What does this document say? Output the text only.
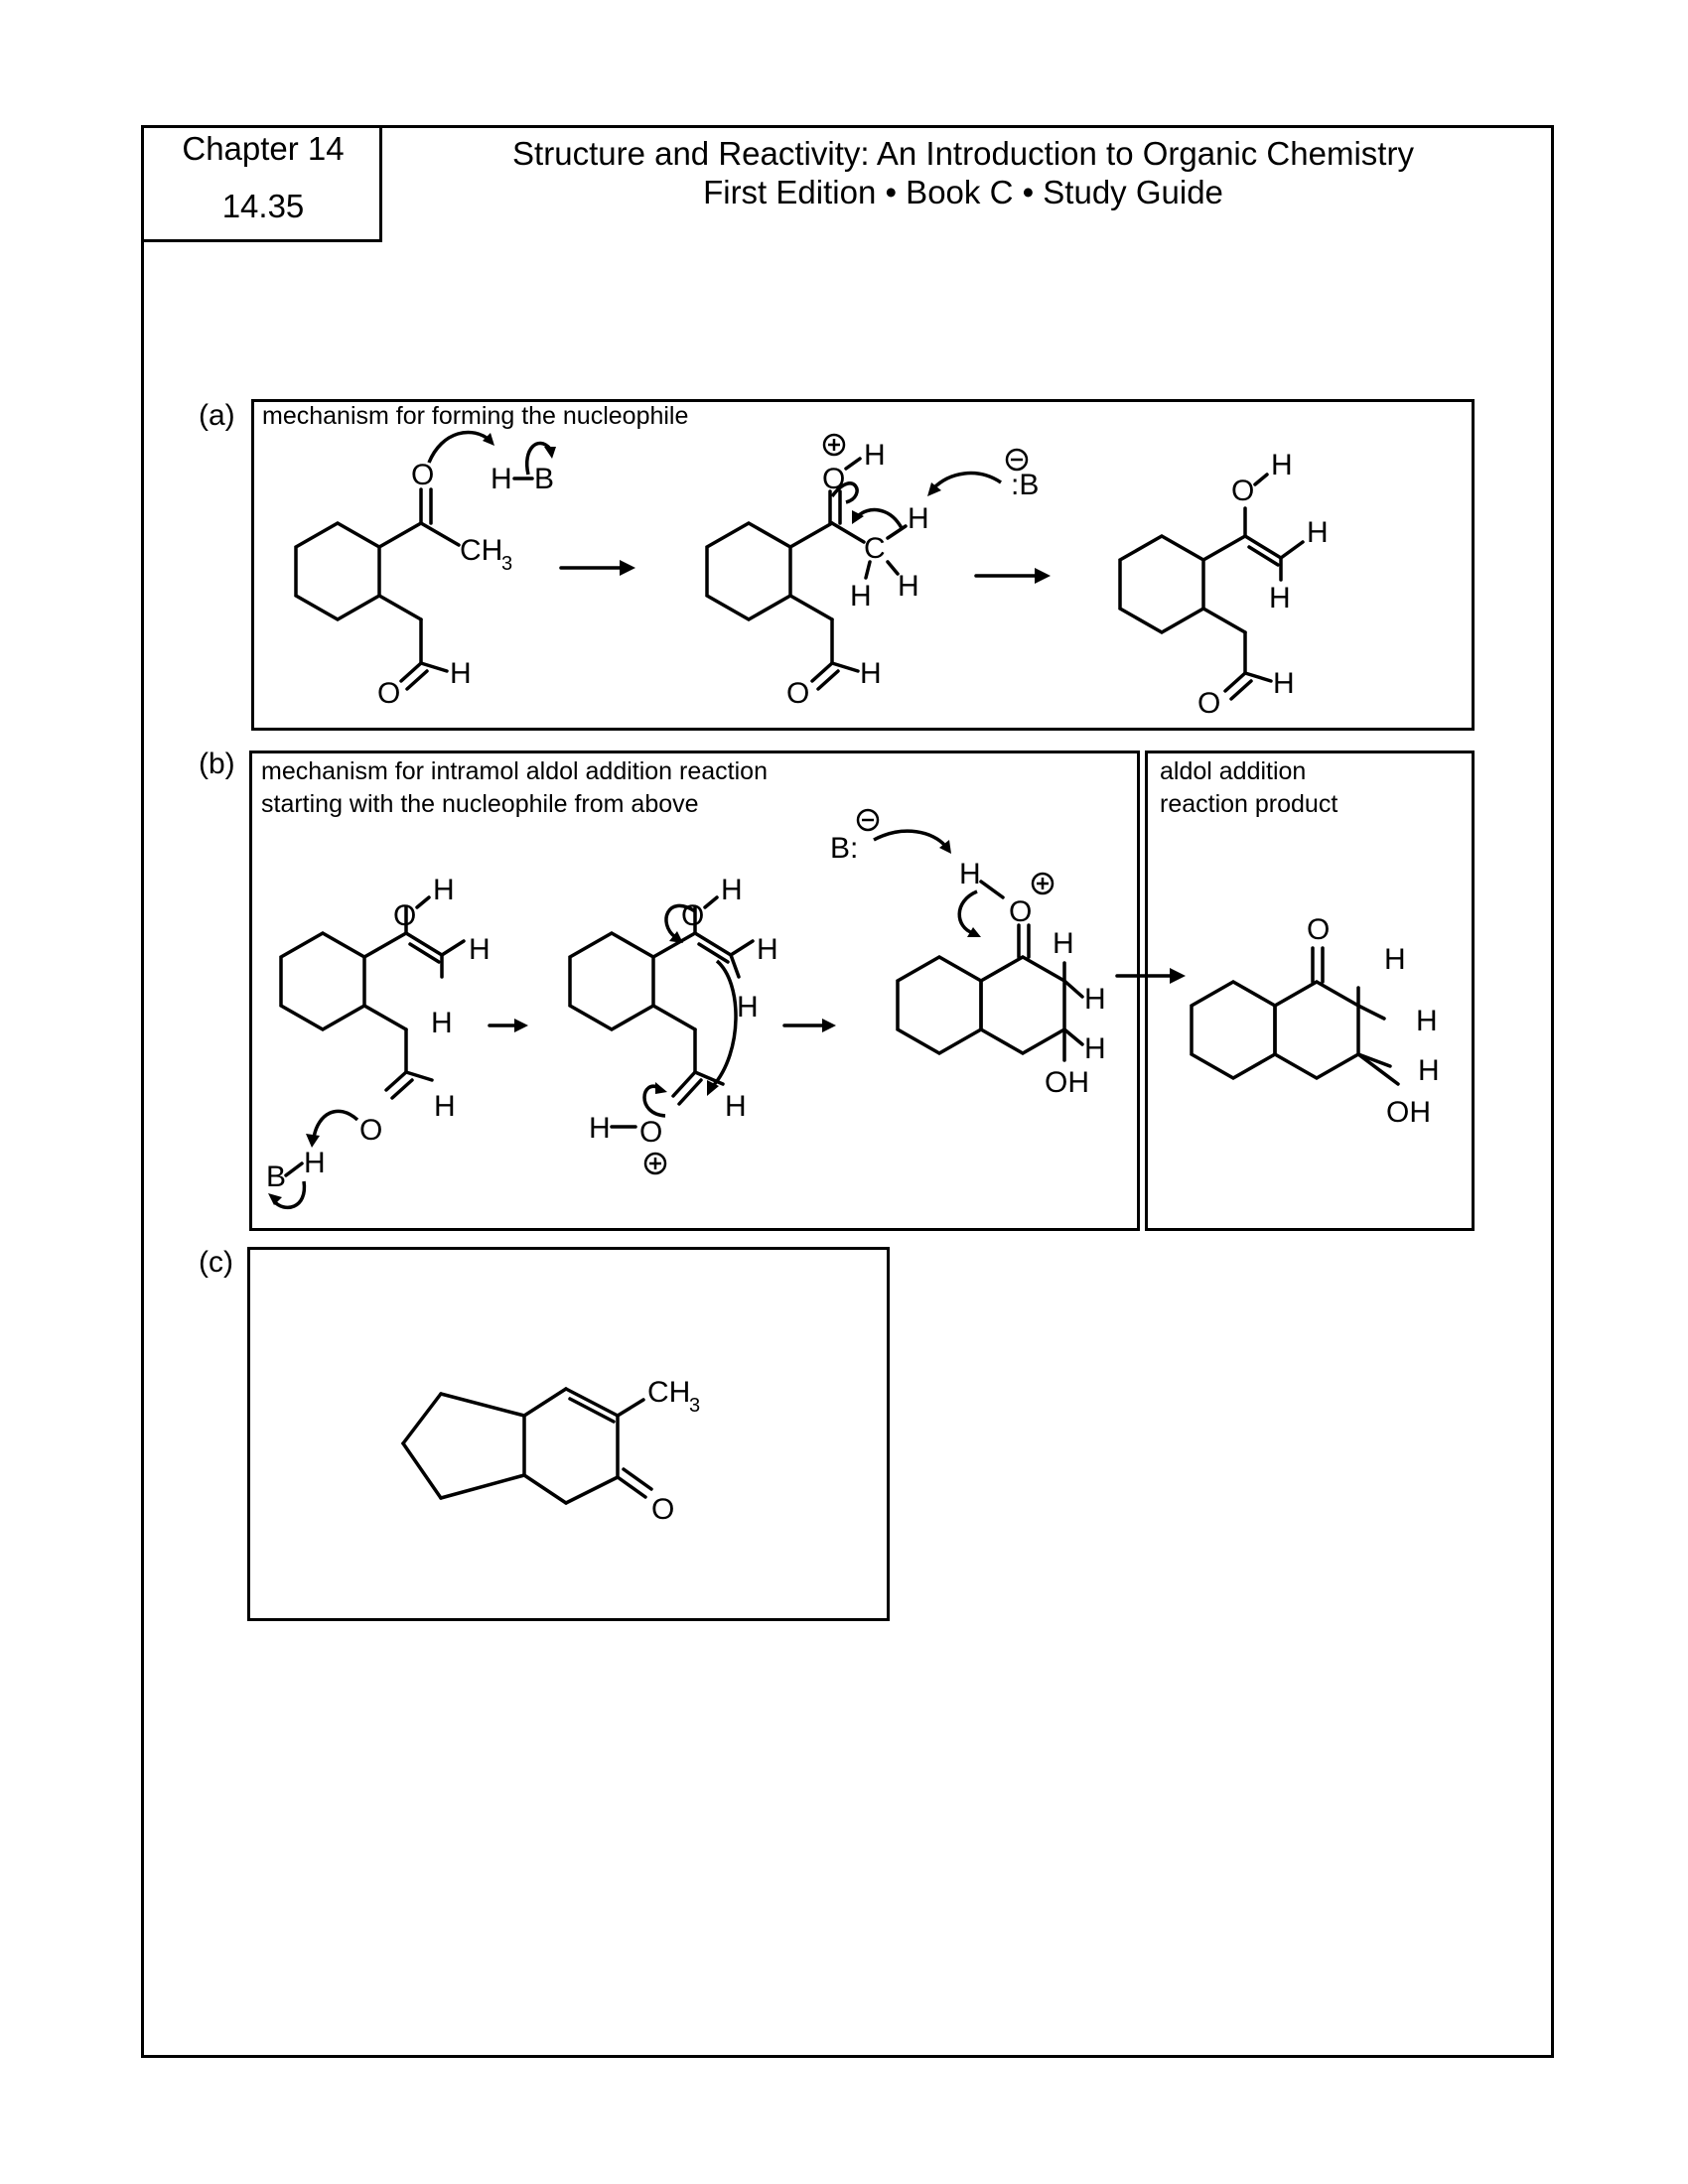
Chapter 14
14.35
Structure and Reactivity: An Introduction to Organic Chemistry
First Edition • Book C • Study Guide
(a) mechanism for forming the nucleophile
O
CH
3
O
H
H B	O
H
C
H
H H
O
H
:B	O
H
H
H
O
H
(b) mechanism for intramol aldol addition reaction
starting with the nucleophile from above
aldol addition
reaction product
O
H
H
H
O
H
B H
O
H
H
H
H O
H
O
H
B:
H
H
H
OH
O
H
H
H
OH
(c)
CH
3
O
